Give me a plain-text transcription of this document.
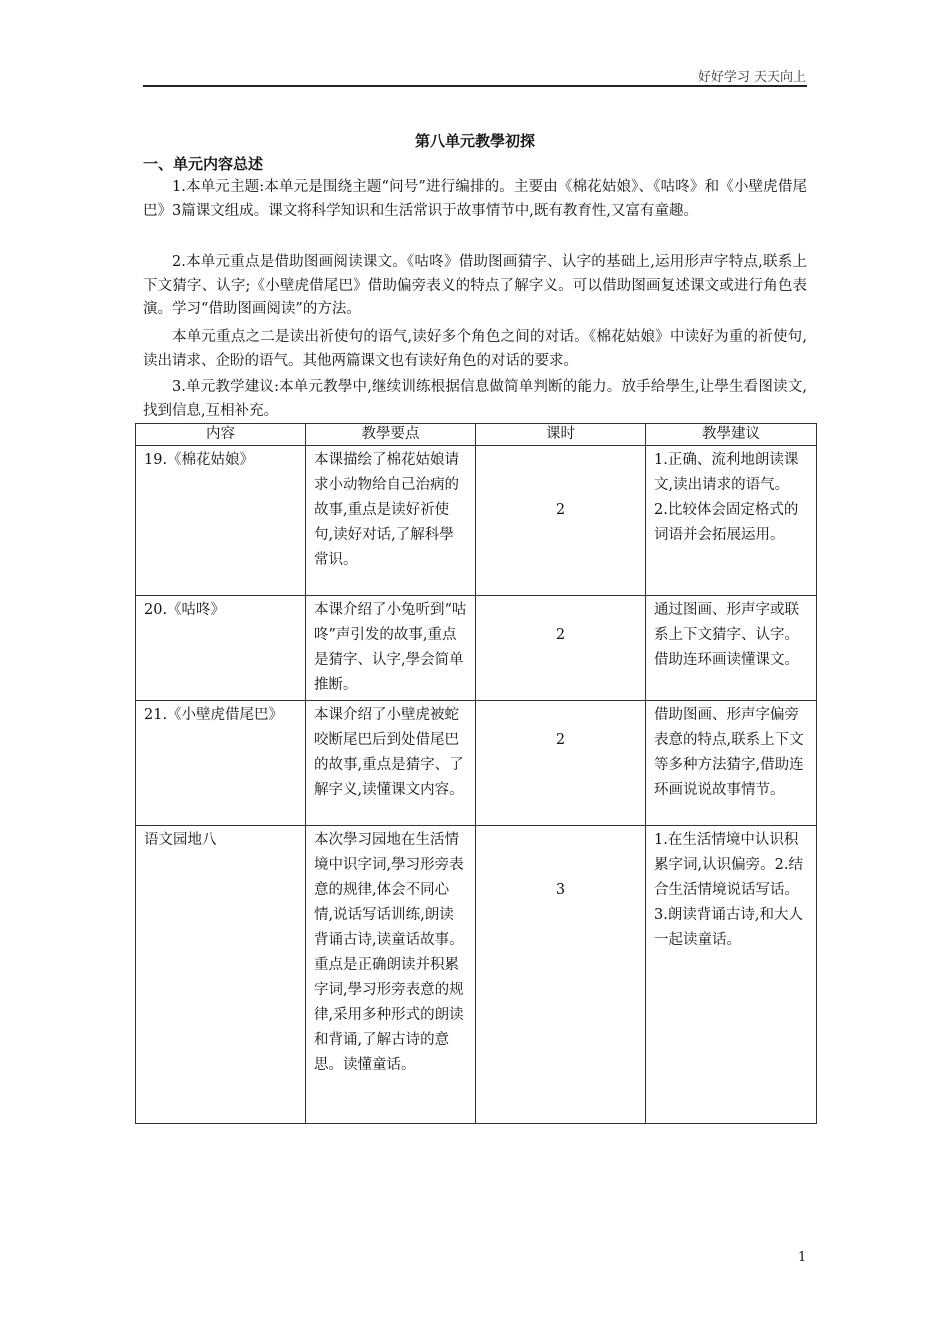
好好学习 天天向上
第八单元教學初探
一、单元内容总述
1.本单元主题:本单元是围绕主题“问号”进行编排的。主要由《棉花姑娘》、《咕咚》和《小壁虎借尾巴》3篇课文组成。课文将科学知识和生活常识于故事情节中,既有教育性,又富有童趣。
2.本单元重点是借助图画阅读课文。《咕咚》借助图画猜字、认字的基础上,运用形声字特点,联系上下文猜字、认字;《小壁虎借尾巴》借助偏旁表义的特点了解字义。可以借助图画复述课文或进行角色表演。学习“借助图画阅读”的方法。
本单元重点之二是读出祈使句的语气,读好多个角色之间的对话。《棉花姑娘》中读好为重的祈使句,读出请求、企盼的语气。其他两篇课文也有读好角色的对话的要求。
3.单元教学建议:本单元教學中,继续训练根据信息做简单判断的能力。放手给學生,让學生看图读文,找到信息,互相补充。
内容	教學要点	课时	教學建议
19.《棉花姑娘》	本课描绘了棉花姑娘请求小动物给自己治病的故事,重点是读好祈使句,读好对话,了解科學常识。	2	1.正确、流利地朗读课文,读出请求的语气。
2.比较体会固定格式的词语并会拓展运用。

20.《咕咚》	本课介绍了小兔听到“咕咚”声引发的故事,重点是猜字、认字,學会简单推断。	2	通过图画、形声字或联系上下文猜字、认字。借助连环画读懂课文。

21.《小壁虎借尾巴》	本课介绍了小壁虎被蛇咬断尾巴后到处借尾巴的故事,重点是猜字、了解字义,读懂课文内容。	2	借助图画、形声字偏旁表意的特点,联系上下文等多种方法猜字,借助连环画说说故事情节。

语文园地八	本次學习园地在生活情境中识字词,學习形旁表意的规律,体会不同心情,说话写话训练,朗读背诵古诗,读童话故事。重点是正确朗读并积累字词,學习形旁表意的规律,采用多种形式的朗读和背诵,了解古诗的意思。读懂童话。	3	1.在生活情境中认识积累字词,认识偏旁。2.结合生活情境说话写话。
3.朗读背诵古诗,和大人一起读童话。
1
